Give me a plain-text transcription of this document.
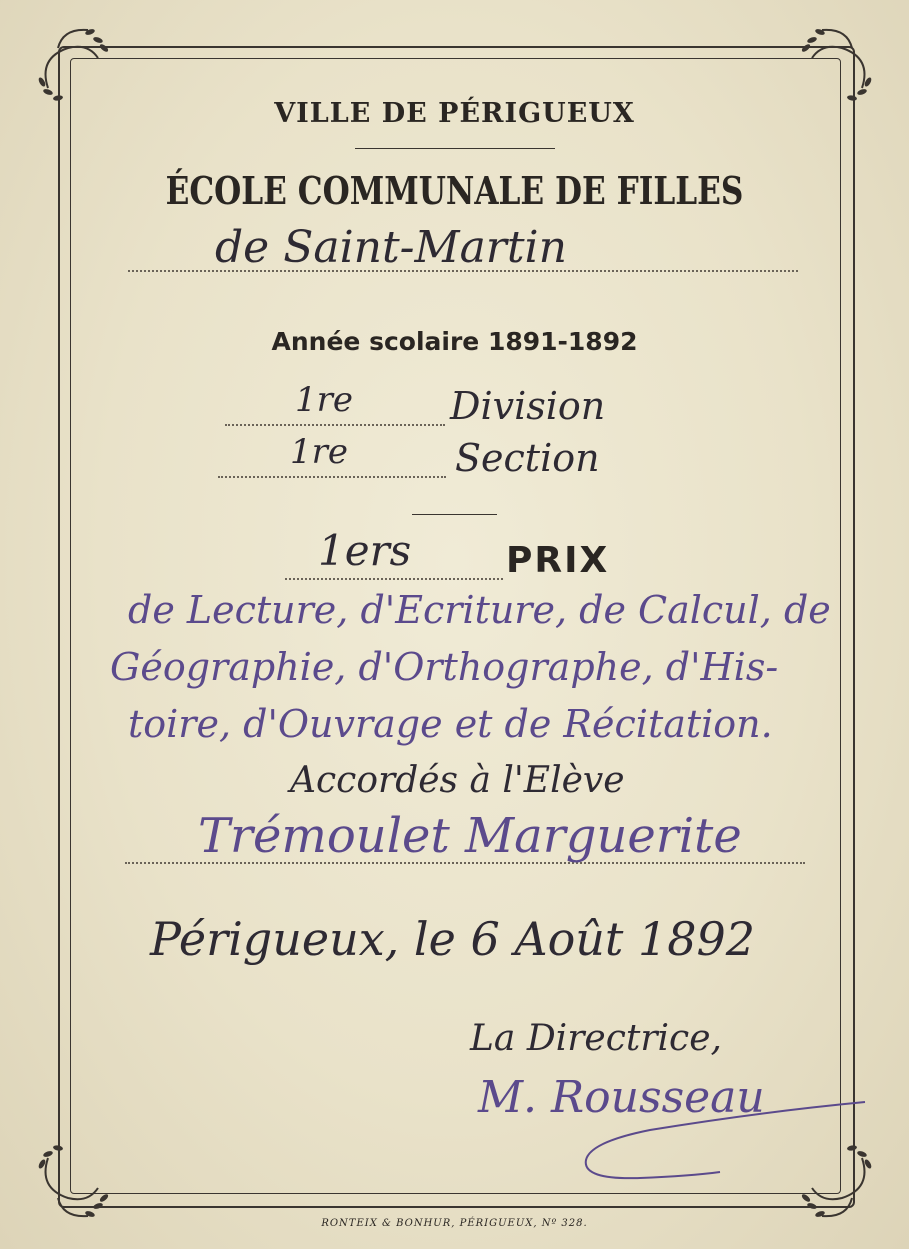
VILLE DE PÉRIGUEUX
ÉCOLE COMMUNALE DE FILLES
de Saint-Martin
Année scolaire 1891-1892
1re	Division
1re	Section
1ers	PRIX
de Lecture, d'Ecriture, de Calcul, de
Géographie, d'Orthographe, d'His-
toire, d'Ouvrage et de Récitation.
Accordés à l'Elève
Trémoulet Marguerite
Périgueux, le 6 Août 1892
La Directrice,
M. Rousseau
RONTEIX & BONHUR, PÉRIGUEUX, Nº 328.
